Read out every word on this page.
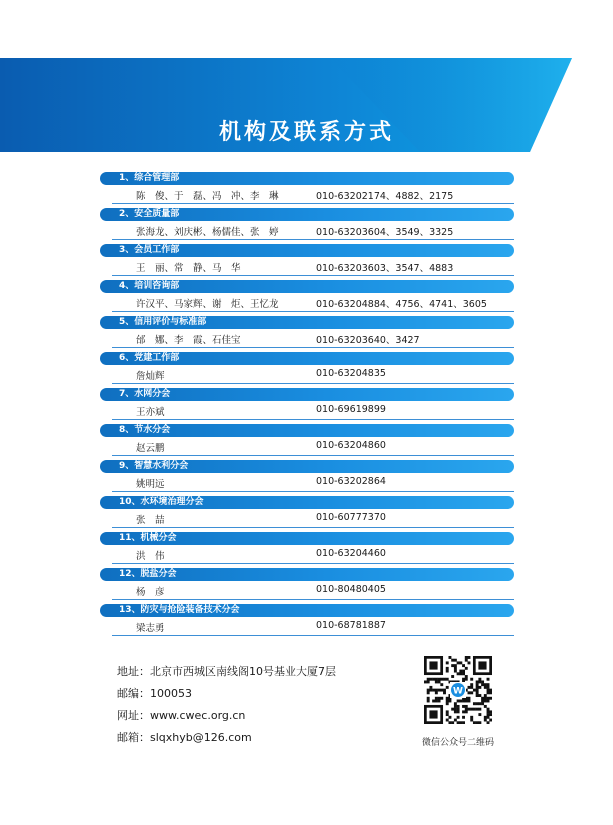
机构及联系方式
1、综合管理部
陈　俊、于　磊、冯　冲、李　琳	010-63202174、4882、2175
2、安全质量部
张海龙、刘庆彬、杨儒佳、张　婷	010-63203604、3549、3325
3、会员工作部
王　丽、常　静、马　华	010-63203603、3547、4883
4、培训咨询部
许汉平、马家辉、谢　炬、王忆龙	010-63204884、4756、4741、3605
5、信用评价与标准部
邰　娜、李　霞、石佳宝	010-63203640、3427
6、党建工作部
詹灿辉	010-63204835
7、水网分会
王亦斌	010-69619899
8、节水分会
赵云鹏	010-63204860
9、智慧水利分会
姚明远	010-63202864
10、水环境治理分会
张　喆	010-60777370
11、机械分会
洪　伟	010-63204460
12、脱盐分会
杨　彦	010-80480405
13、防灾与抢险装备技术分会
梁志勇	010-68781887
地址：北京市西城区南线阁10号基业大厦7层
邮编：100053
网址：www.cwec.org.cn
邮箱：slqxhyb@126.com
W
微信公众号二维码
